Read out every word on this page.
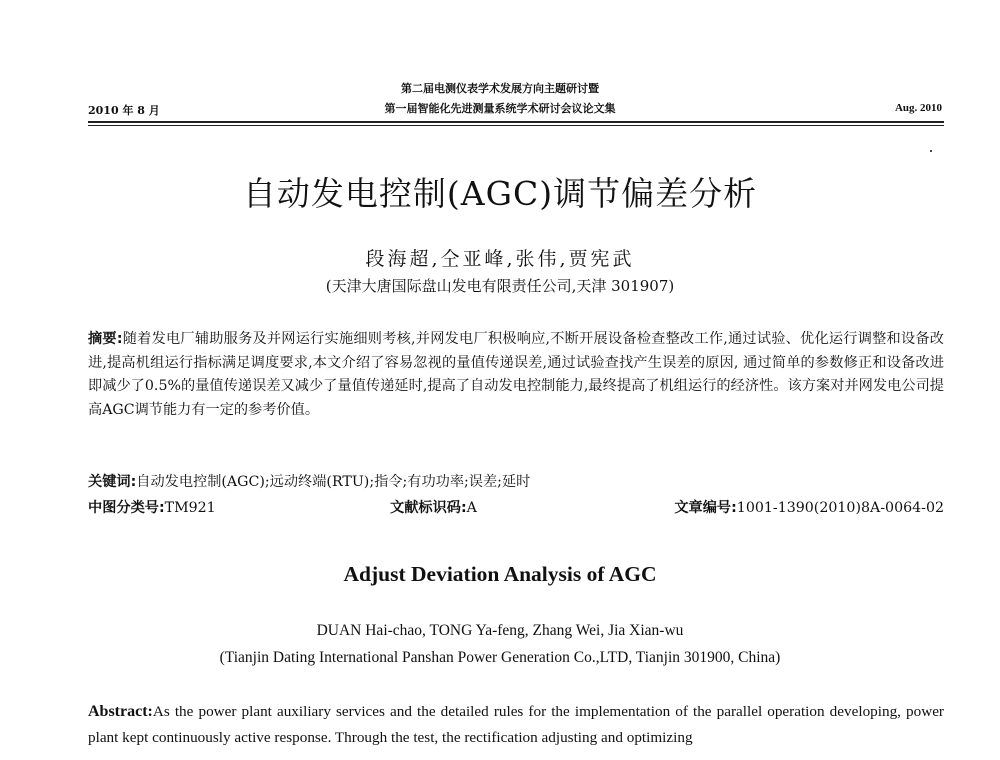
第二届电测仪表学术发展方向主题研讨暨
第一届智能化先进测量系统学术研讨会议论文集
2010 年 8 月	Aug. 2010
自动发电控制(AGC)调节偏差分析
段海超,仝亚峰,张伟,贾宪武
(天津大唐国际盘山发电有限责任公司,天津 301907)
摘要:随着发电厂辅助服务及并网运行实施细则考核,并网发电厂积极响应,不断开展设备检查整改工作,通过试验、优化运行调整和设备改进,提高机组运行指标满足调度要求,本文介绍了容易忽视的量值传递误差,通过试验查找产生误差的原因, 通过简单的参数修正和设备改进即减少了0.5%的量值传递误差又减少了量值传递延时,提高了自动发电控制能力,最终提高了机组运行的经济性。该方案对并网发电公司提高AGC调节能力有一定的参考价值。
关键词:自动发电控制(AGC);远动终端(RTU);指令;有功功率;误差;延时
中图分类号:TM921	文献标识码:A	文章编号:1001-1390(2010)8A-0064-02
Adjust Deviation Analysis of AGC
DUAN Hai-chao, TONG Ya-feng, Zhang Wei, Jia Xian-wu
(Tianjin Dating International Panshan Power Generation Co.,LTD, Tianjin 301900, China)
Abstract:As the power plant auxiliary services and the detailed rules for the implementation of the parallel operation developing, power plant kept continuously active response. Through the test, the rectification adjusting and optimizing
